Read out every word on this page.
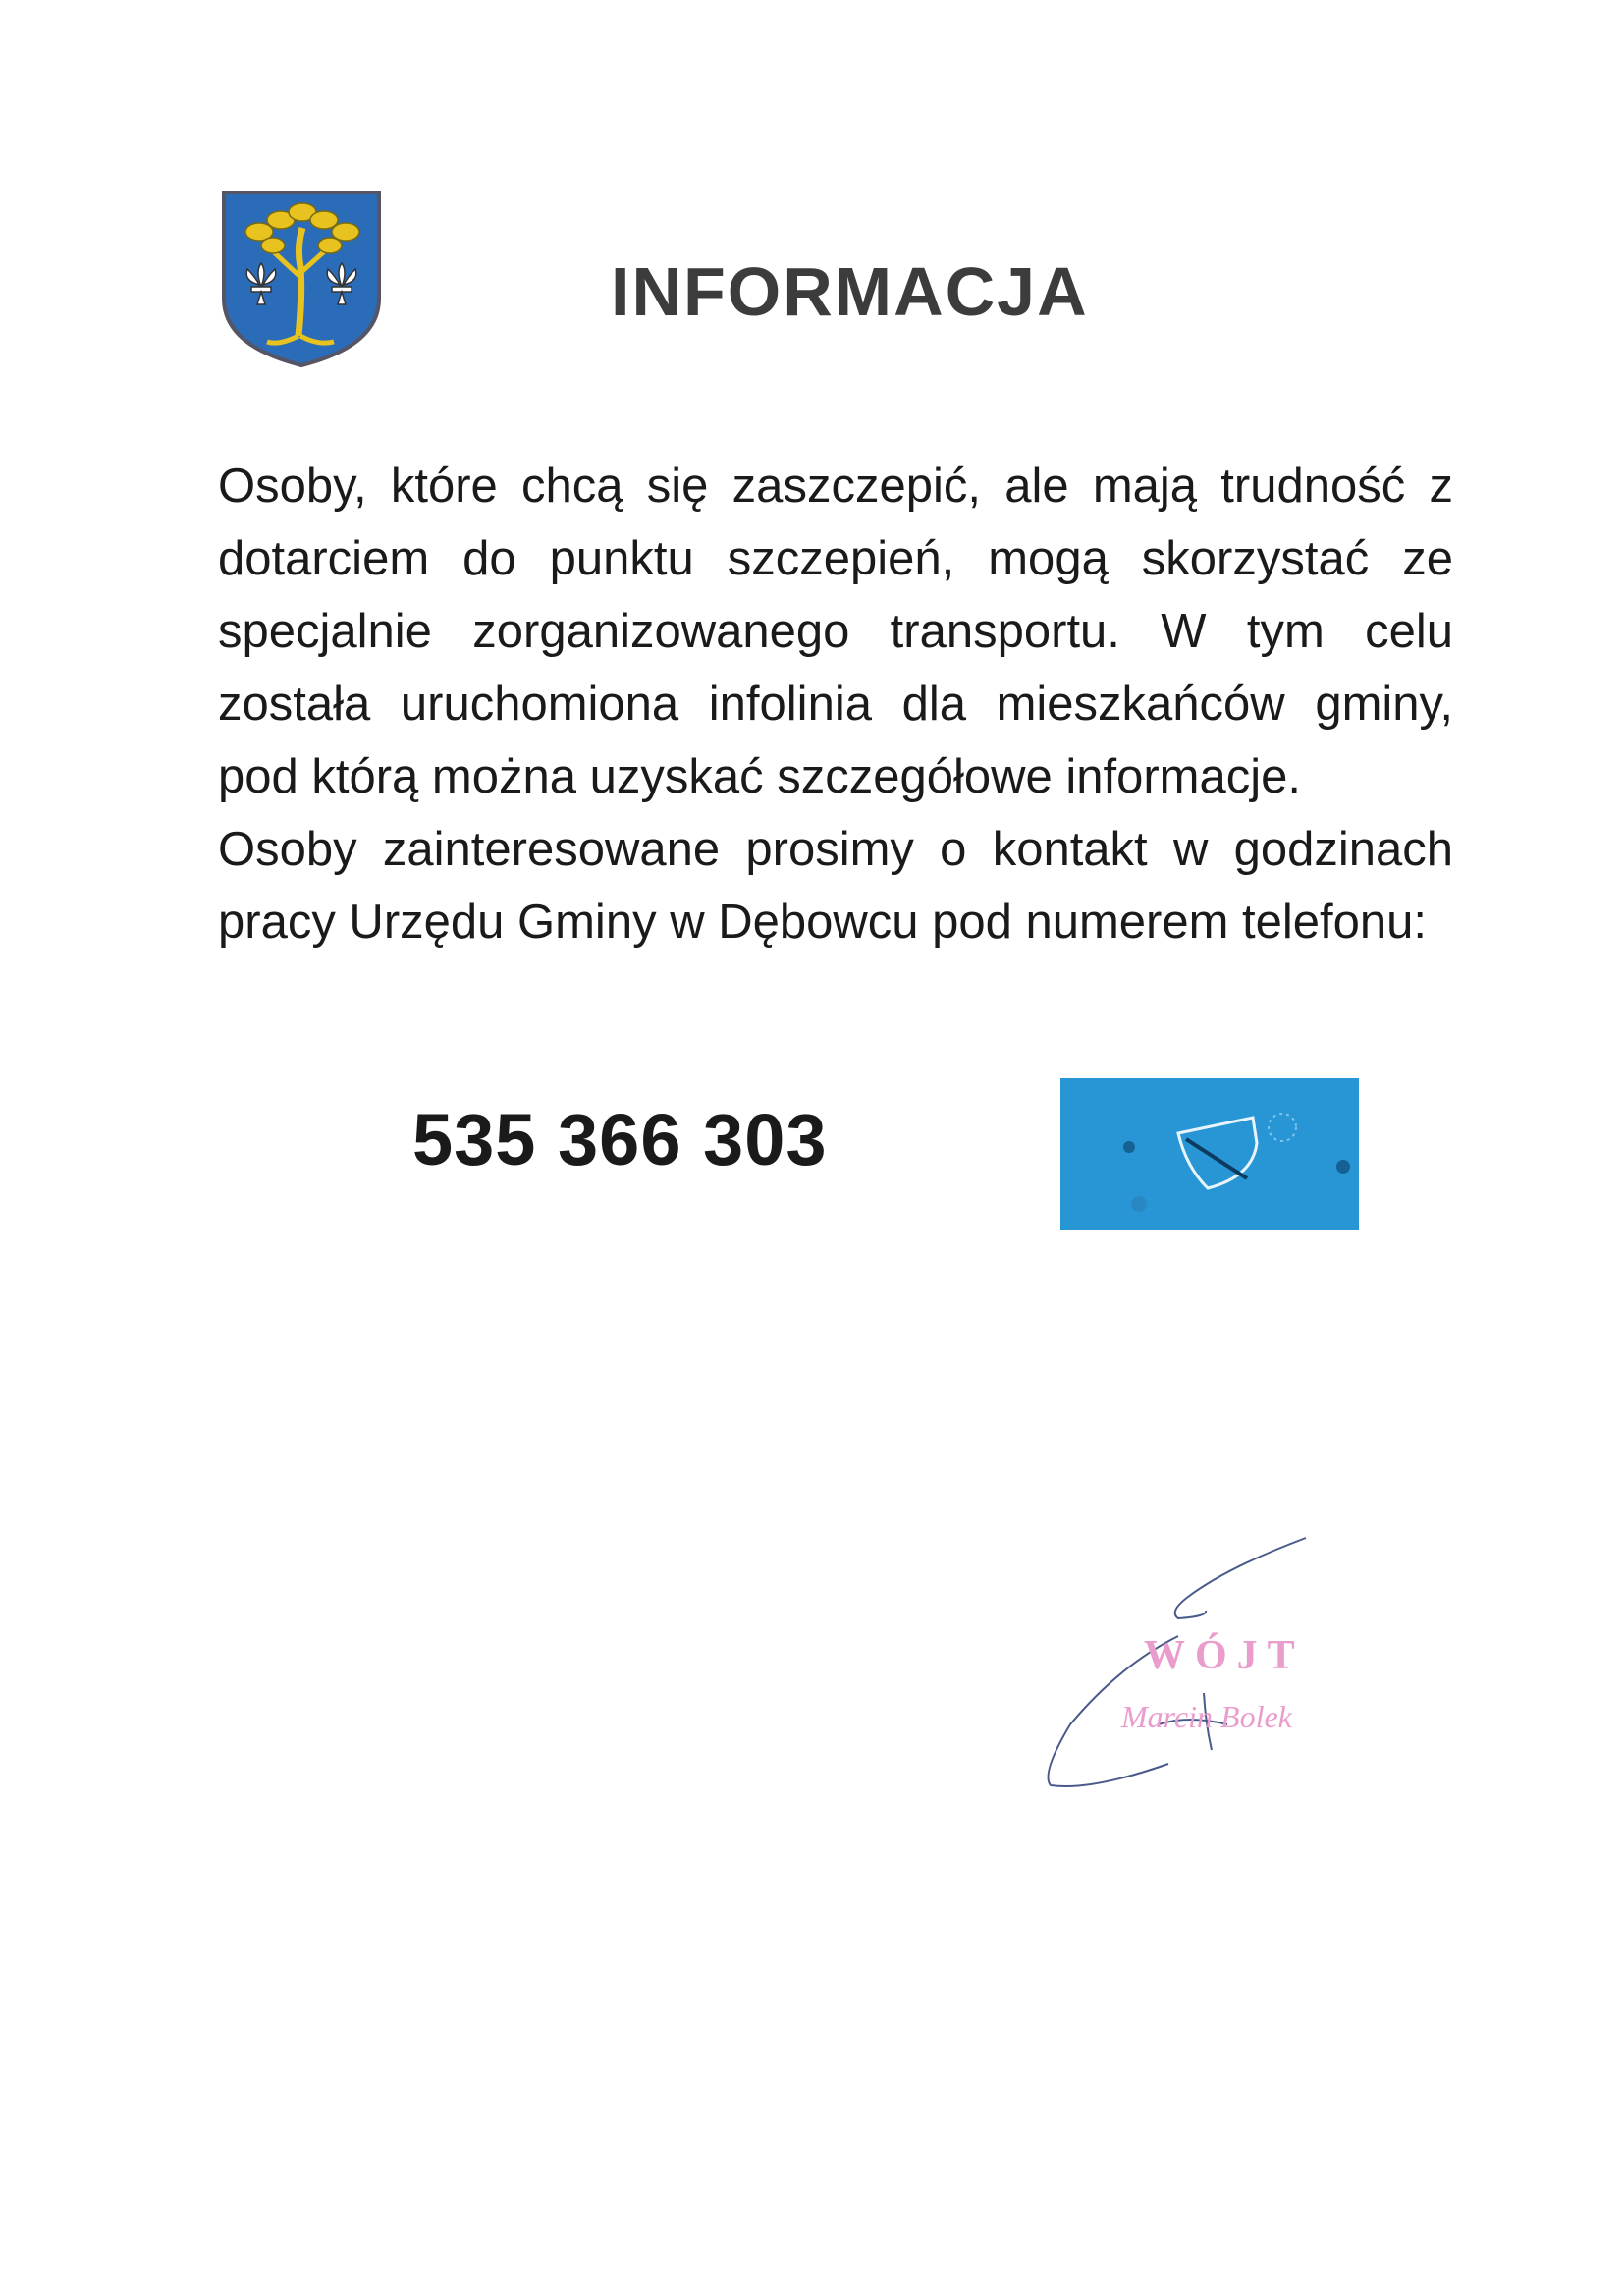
INFORMACJA

Osoby, które chcą się zaszczepić, ale mają trudność z dotarciem do punktu szczepień, mogą skorzystać ze specjalnie zorganizowanego transportu. W tym celu została uruchomiona infolinia dla mieszkańców gminy, pod którą można uzyskać szczegółowe informacje.

Osoby zainteresowane prosimy o kontakt w godzinach pracy Urzędu Gminy w Dębowcu pod numerem telefonu:

535 366 303
WÓJT
Marcin Bolek
